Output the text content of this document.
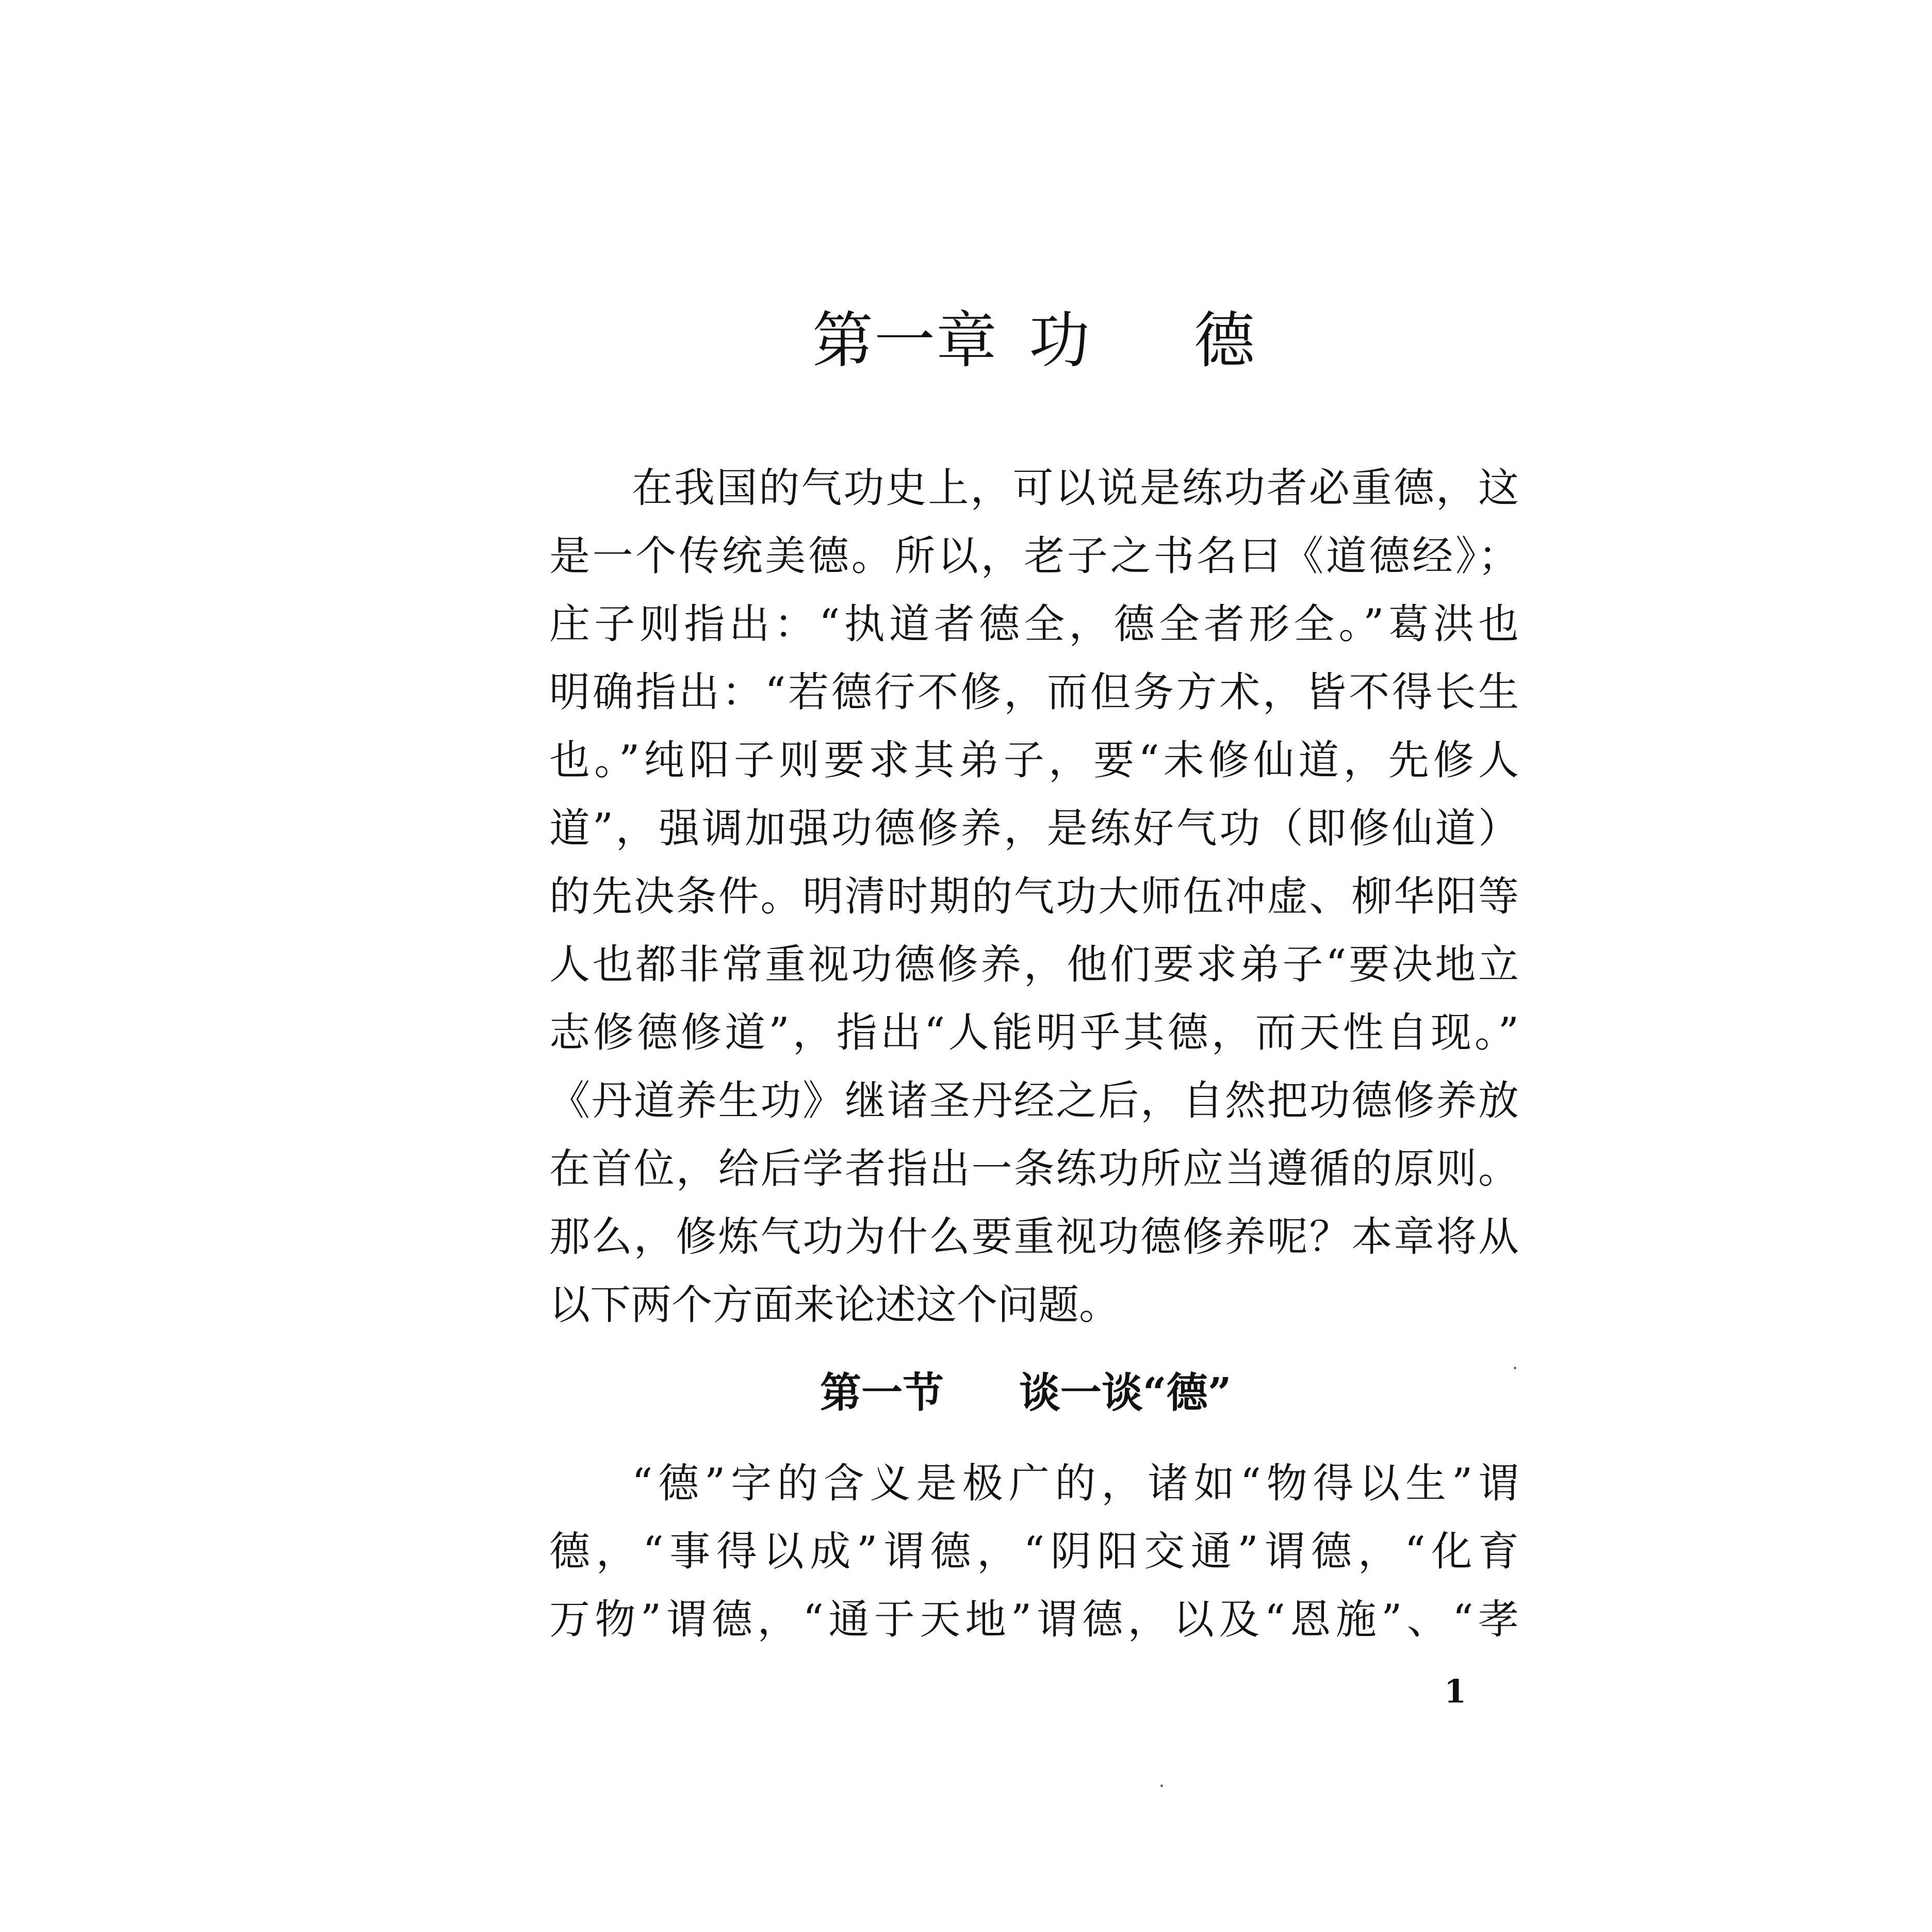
第一章 功 德
在我国的气功史上，可以说是练功者必重德，这
是一个传统美德。所以，老子之书名曰《道德经》；
庄子则指出：“执道者德全，德全者形全。”葛洪也
明确指出：“若德行不修，而但务方术，皆不得长生
也。”纯阳子则要求其弟子，要“未修仙道，先修人
道”，强调加强功德修养，是练好气功（即修仙道）
的先决条件。明清时期的气功大师伍冲虚、柳华阳等
人也都非常重视功德修养，他们要求弟子“要决地立
志修德修道”，指出“人能明乎其德，而天性自现。”
《丹道养生功》继诸圣丹经之后，自然把功德修养放
在首位，给后学者指出一条练功所应当遵循的原则。
那么，修炼气功为什么要重视功德修养呢？本章将从
以下两个方面来论述这个问题。
第一节 谈一谈“德”
“德”字的含义是极广的，诸如“物得以生”谓
德，“事得以成”谓德，“阴阳交通”谓德，“化育
万物”谓德，“通于天地”谓德，以及“恩施”、“孝
1
